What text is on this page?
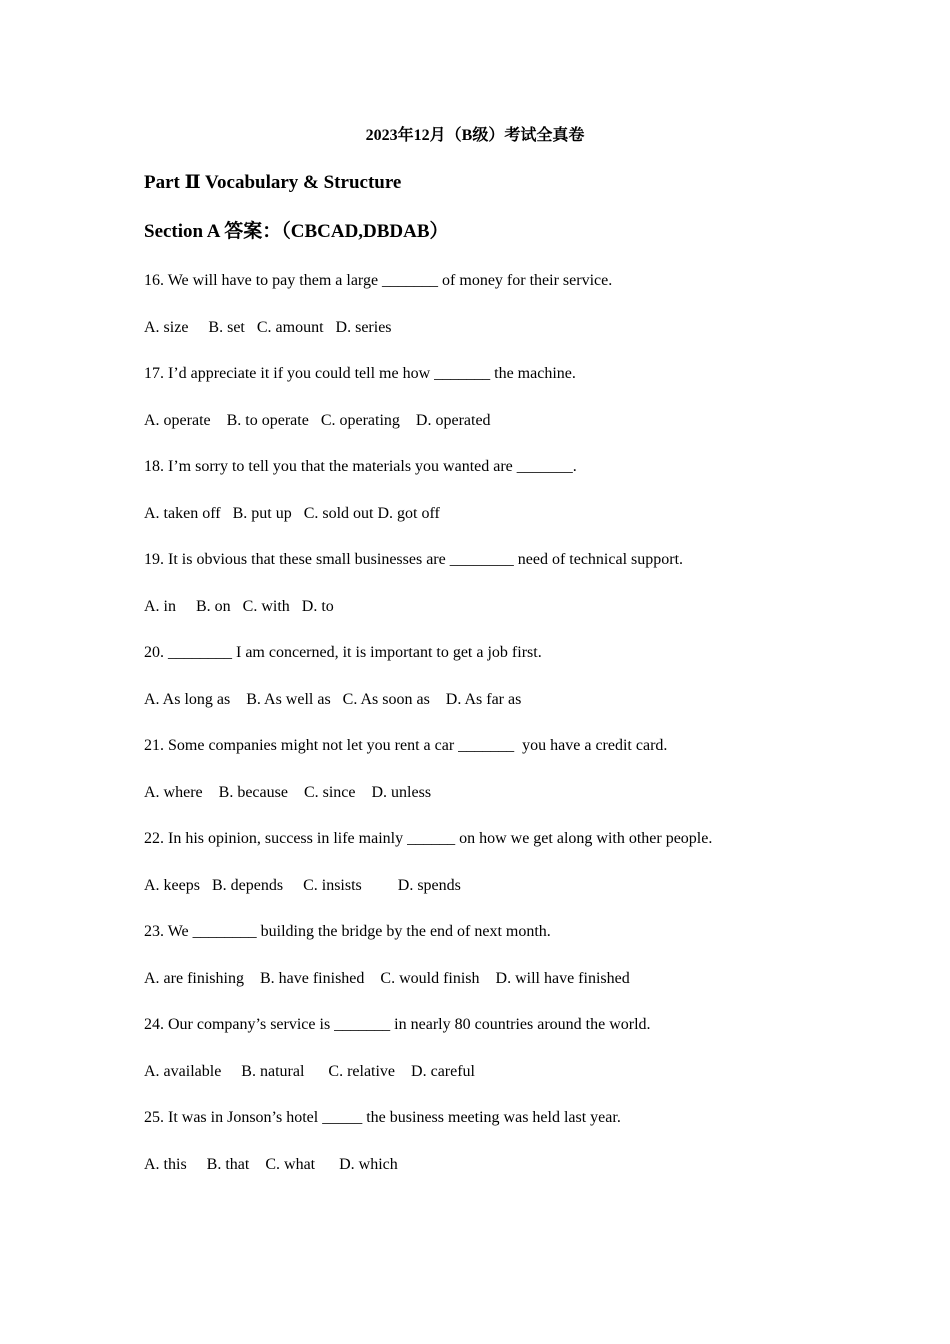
2023年12月（B级）考试全真卷
Part Ⅱ Vocabulary & Structure
Section A 答案：（CBCAD,DBDAB）
16. We will have to pay them a large _______ of money for their service.
A. size     B. set   C. amount   D. series
17. I’d appreciate it if you could tell me how _______ the machine.
A. operate    B. to operate   C. operating    D. operated
18. I’m sorry to tell you that the materials you wanted are _______.
A. taken off   B. put up   C. sold out D. got off
19. It is obvious that these small businesses are ________ need of technical support.
A. in     B. on   C. with   D. to
20. ________ I am concerned, it is important to get a job first.
A. As long as    B. As well as   C. As soon as    D. As far as
21. Some companies might not let you rent a car _______  you have a credit card.
A. where    B. because    C. since    D. unless
22. In his opinion, success in life mainly ______ on how we get along with other people.
A. keeps   B. depends     C. insists         D. spends
23. We ________ building the bridge by the end of next month.
A. are finishing    B. have finished    C. would finish    D. will have finished
24. Our company’s service is _______ in nearly 80 countries around the world.
A. available     B. natural      C. relative    D. careful
25. It was in Jonson’s hotel _____ the business meeting was held last year.
A. this     B. that    C. what      D. which
